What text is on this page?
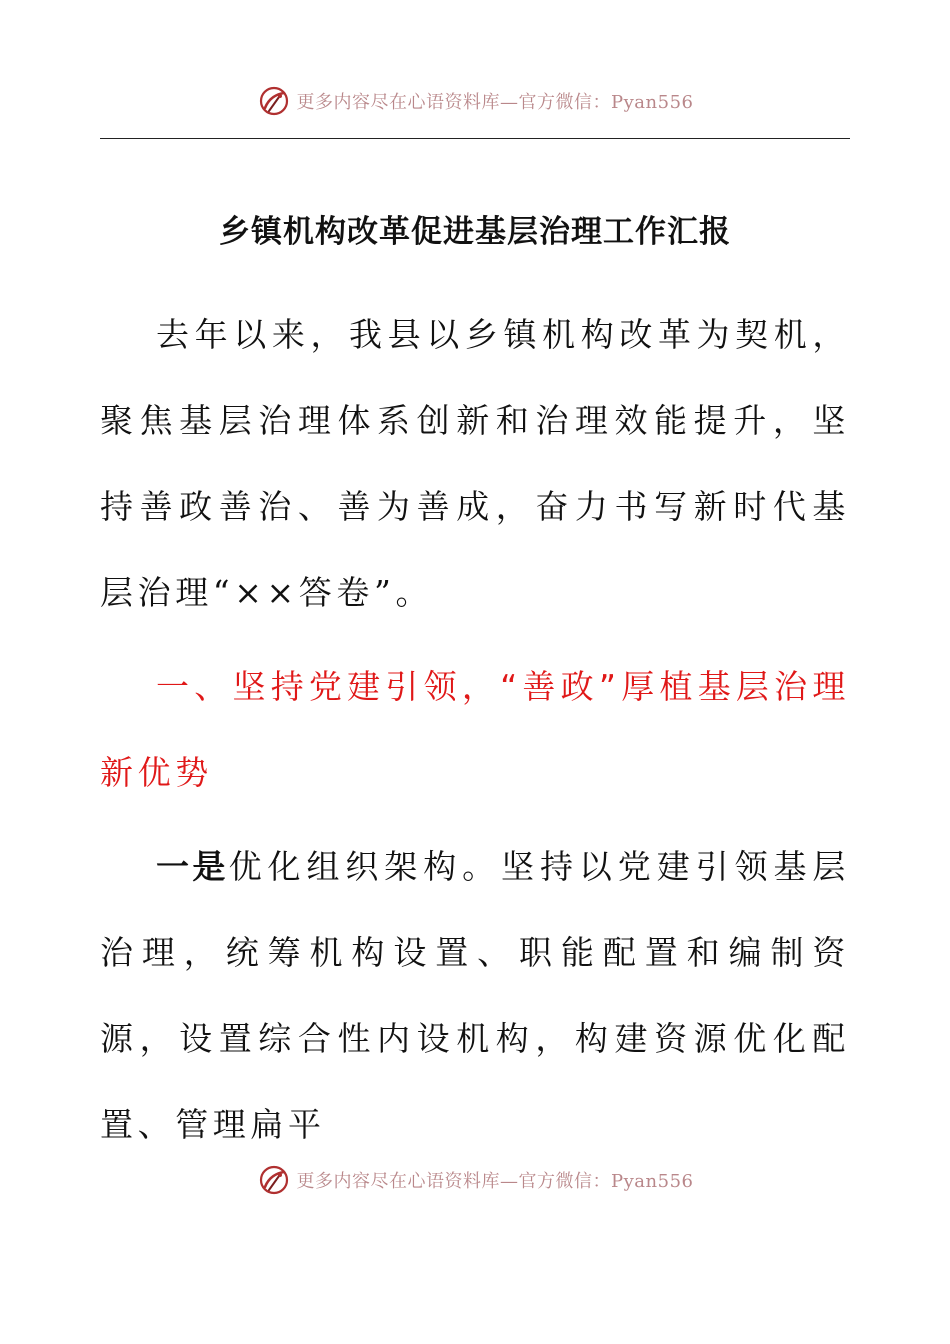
更多内容尽在心语资料库—官方微信：Pyan556
乡镇机构改革促进基层治理工作汇报

去年以来，我县以乡镇机构改革为契机，聚焦基层治理体系创新和治理效能提升，坚持善政善治、善为善成，奋力书写新时代基层治理“××答卷”。

一、坚持党建引领，“善政”厚植基层治理新优势

一是优化组织架构。坚持以党建引领基层治理，统筹机构设置、职能配置和编制资源，设置综合性内设机构，构建资源优化配置、管理扁平

更多内容尽在心语资料库—官方微信：Pyan556
